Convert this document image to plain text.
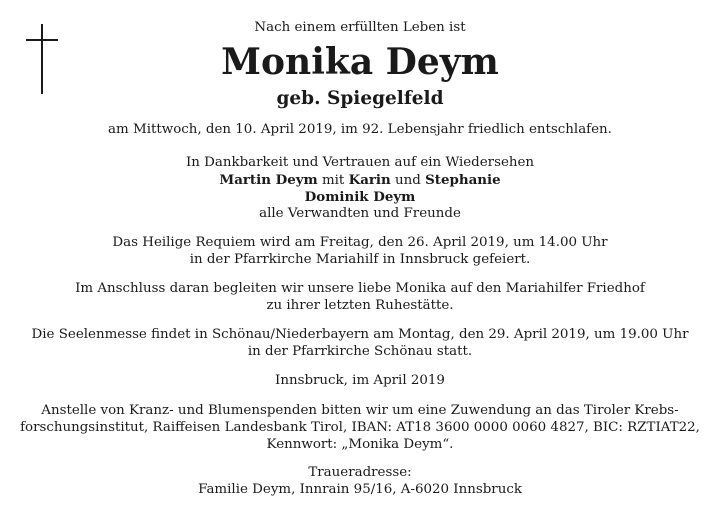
Nach einem erfüllten Leben ist
Monika Deym
geb. Spiegelfeld
am Mittwoch, den 10. April 2019, im 92. Lebensjahr friedlich entschlafen.
In Dankbarkeit und Vertrauen auf ein Wiedersehen
Martin Deym mit Karin und Stephanie
Dominik Deym
alle Verwandten und Freunde
Das Heilige Requiem wird am Freitag, den 26. April 2019, um 14.00 Uhr
in der Pfarrkirche Mariahilf in Innsbruck gefeiert.
Im Anschluss daran begleiten wir unsere liebe Monika auf den Mariahilfer Friedhof
zu ihrer letzten Ruhestätte.
Die Seelenmesse findet in Schönau/Niederbayern am Montag, den 29. April 2019, um 19.00 Uhr
in der Pfarrkirche Schönau statt.
Innsbruck, im April 2019
Anstelle von Kranz- und Blumenspenden bitten wir um eine Zuwendung an das Tiroler Krebs-
forschungsinstitut, Raiffeisen Landesbank Tirol, IBAN: AT18 3600 0000 0060 4827, BIC: RZTIAT22,
Kennwort: „Monika Deym“.
Traueradresse:
Familie Deym, Innrain 95/16, A-6020 Innsbruck
